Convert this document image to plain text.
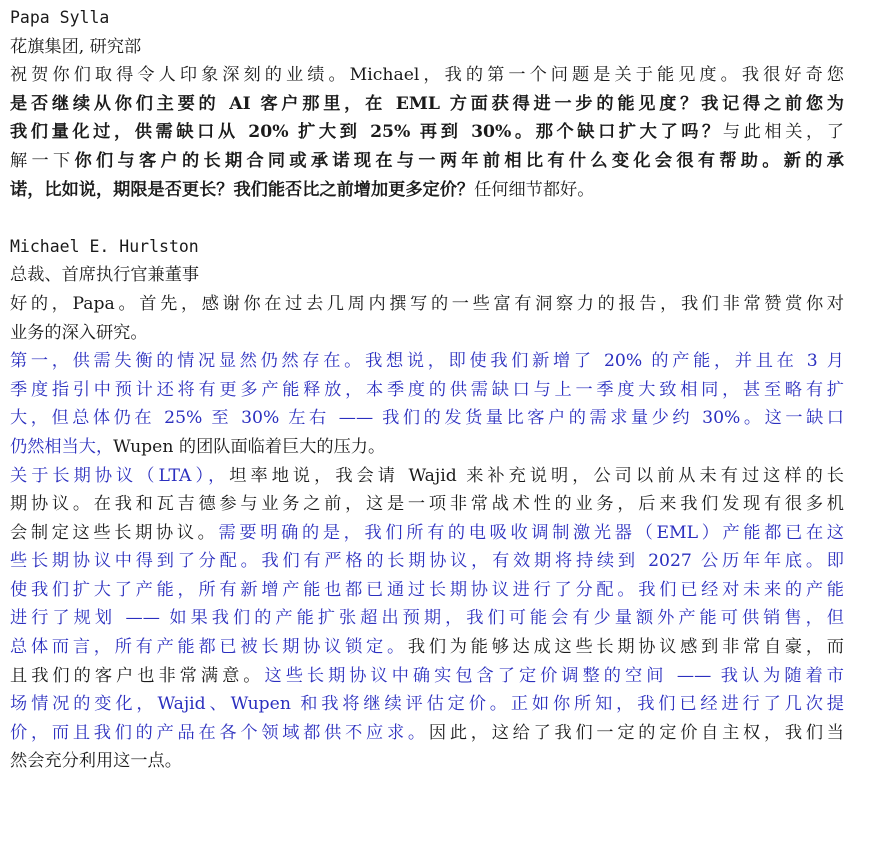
Papa Sylla
花旗集团, 研究部
祝贺你们取得令人印象深刻的业绩。Michael，我的第一个问题是关于能见度。我很好奇您
是否继续从你们主要的 AI 客户那里，在 EML 方面获得进一步的能见度？我记得之前您为
我们量化过，供需缺口从 20% 扩大到 25% 再到 30%。那个缺口扩大了吗？与此相关，了
解一下你们与客户的长期合同或承诺现在与一两年前相比有什么变化会很有帮助。新的承
诺，比如说，期限是否更长？我们能否比之前增加更多定价？任何细节都好。
Michael E. Hurlston
总裁、首席执行官兼董事
好的，Papa。首先，感谢你在过去几周内撰写的一些富有洞察力的报告，我们非常赞赏你对
业务的深入研究。
第一，供需失衡的情况显然仍然存在。我想说，即使我们新增了 20% 的产能，并且在 3 月
季度指引中预计还将有更多产能释放，本季度的供需缺口与上一季度大致相同，甚至略有扩
大，但总体仍在 25% 至 30% 左右 —— 我们的发货量比客户的需求量少约 30%。这一缺口
仍然相当大，Wupen 的团队面临着巨大的压力。
关于长期协议（LTA），坦率地说，我会请 Wajid 来补充说明，公司以前从未有过这样的长
期协议。在我和瓦吉德参与业务之前，这是一项非常战术性的业务，后来我们发现有很多机
会制定这些长期协议。需要明确的是，我们所有的电吸收调制激光器（EML）产能都已在这
些长期协议中得到了分配。我们有严格的长期协议，有效期将持续到 2027 公历年年底。即
使我们扩大了产能，所有新增产能也都已通过长期协议进行了分配。我们已经对未来的产能
进行了规划 —— 如果我们的产能扩张超出预期，我们可能会有少量额外产能可供销售，但
总体而言，所有产能都已被长期协议锁定。我们为能够达成这些长期协议感到非常自豪，而
且我们的客户也非常满意。这些长期协议中确实包含了定价调整的空间 —— 我认为随着市
场情况的变化，Wajid、Wupen 和我将继续评估定价。正如你所知，我们已经进行了几次提
价，而且我们的产品在各个领域都供不应求。因此，这给了我们一定的定价自主权，我们当
然会充分利用这一点。
